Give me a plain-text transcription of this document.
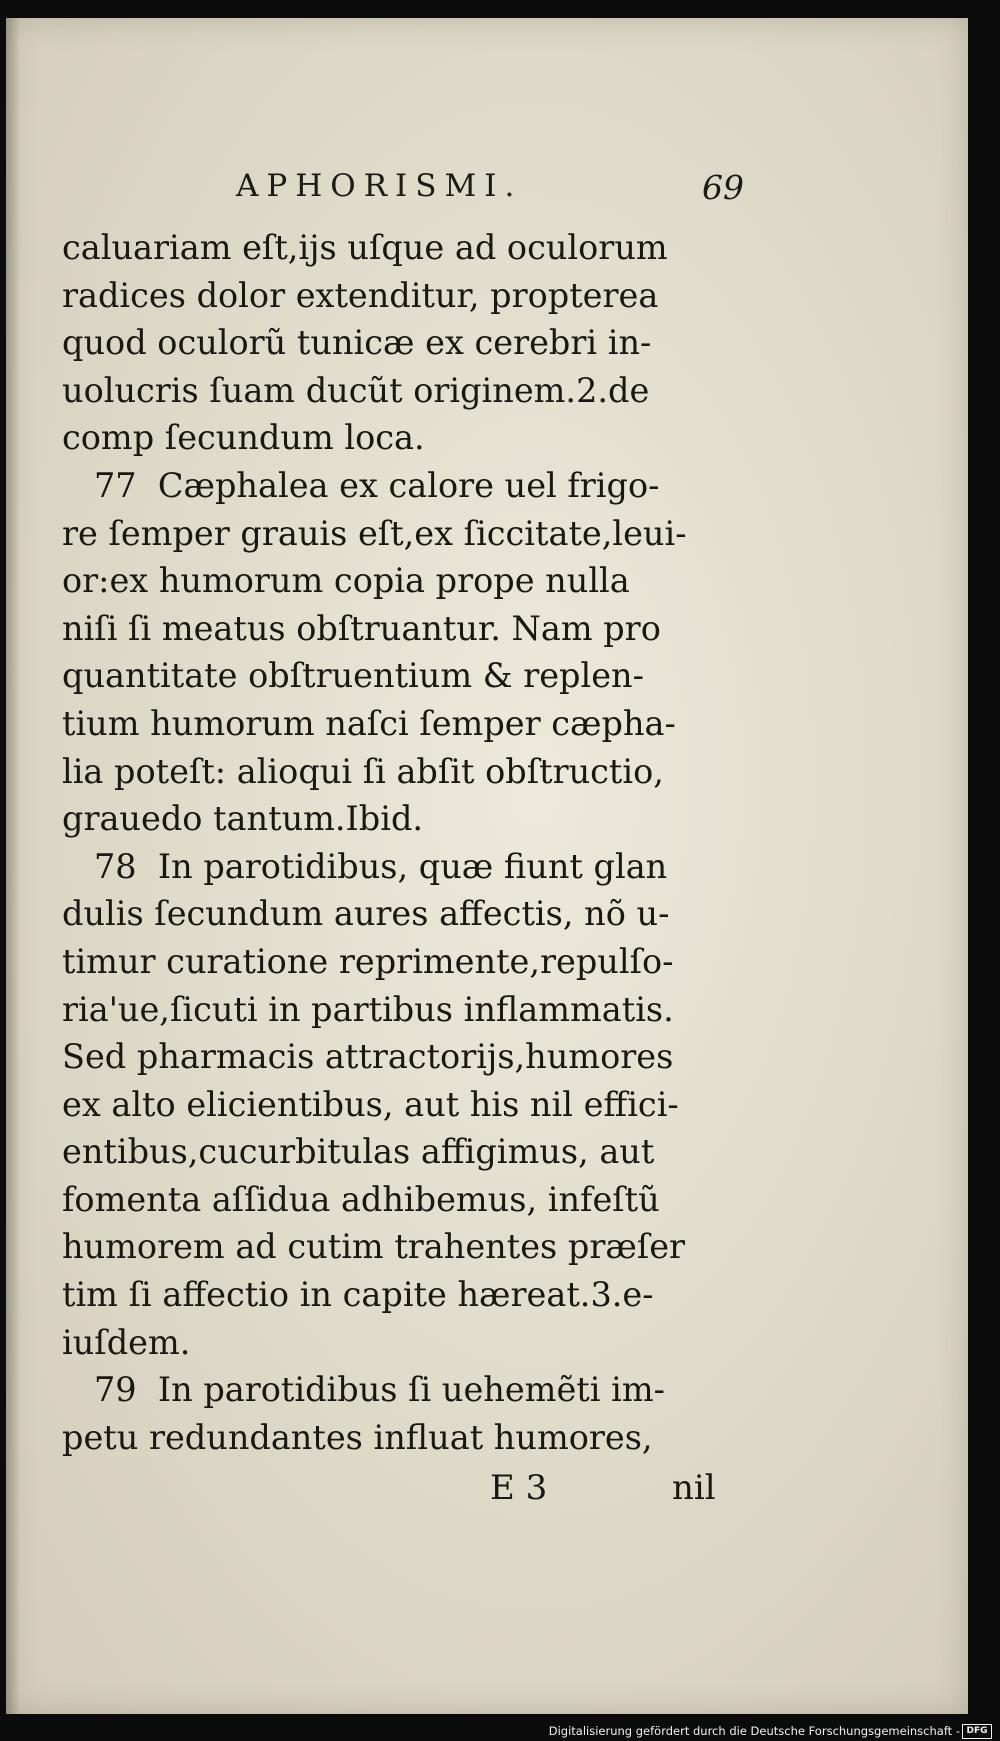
APHORISMI.	69
caluariam eſt,ijs uſque ad oculorum
radices dolor extenditur, propterea
quod oculorũ tunicæ ex cerebri in-
uolucris ſuam ducũt originem.2.de
comp ſecundum loca.
77  Cæphalea ex calore uel frigo-
re ſemper grauis eſt,ex ſiccitate,leui-
or:ex humorum copia prope nulla
niſi ſi meatus obſtruantur. Nam pro
quantitate obſtruentium & replen-
tium humorum naſci ſemper cæpha-
lia poteſt: alioqui ſi abſit obſtructio,
grauedo tantum.Ibid.
78  In parotidibus, quæ fiunt glan
dulis ſecundum aures affectis, nõ u-
timur curatione reprimente,repulſo-
ria'ue,ſicuti in partibus inflammatis.
Sed pharmacis attractorijs,humores
ex alto elicientibus, aut his nil effici-
entibus,cucurbitulas affigimus, aut
fomenta aſſidua adhibemus, infeſtũ
humorem ad cutim trahentes præſer
tim ſi affectio in capite hæreat.3.e-
iuſdem.
79  In parotidibus ſi uehemẽti im-
petu redundantes influat humores,
E 3	nil
Digitalisierung gefördert durch die Deutsche Forschungsgemeinschaft - DFG
